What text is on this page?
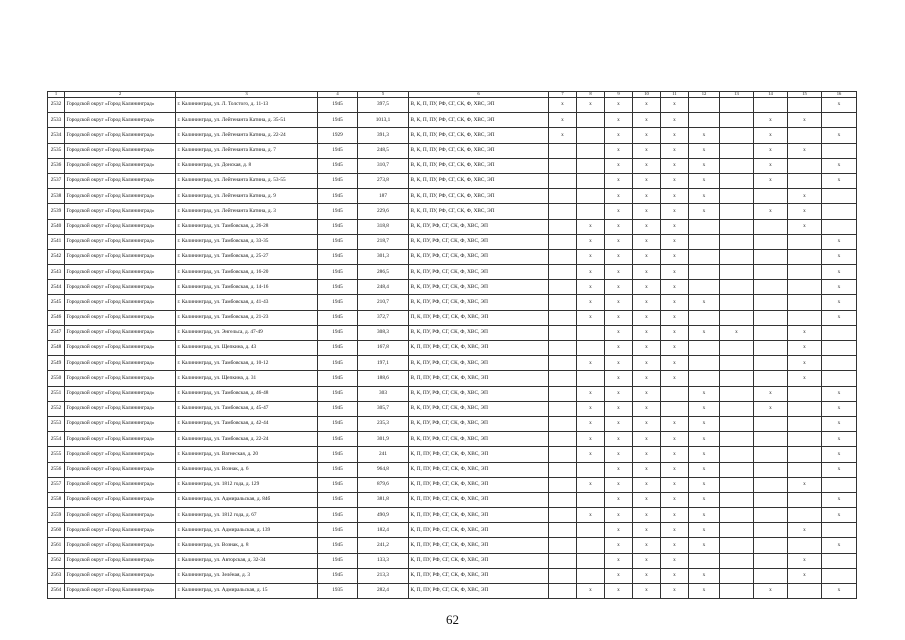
1	2	3	4	5	6	7	8	9	10	11	12	13	14	15	16
2532	Городской округ «Город Калининград»	г. Калининград, ул. Л. Толстого, д. 11-13	1945	397,5	В, К, П, ПУ, РФ, СГ, СК, Ф, ХВС, ЭП	x	x	x	x	x					x
2533	Городской округ «Город Калининград»	г. Калининград, ул. Лейтенанта Катина, д. 35-51	1945	1013,1	В, К, П, ПУ, РФ, СГ, СК, Ф, ХВС, ЭП	x		x	x	x			x	x	
2534	Городской округ «Город Калининград»	г. Калининград, ул. Лейтенанта Катина, д. 22-24	1929	391,3	В, К, П, ПУ, РФ, СГ, СК, Ф, ХВС, ЭП	x		x	x	x	x		x		x
2535	Городской округ «Город Калининград»	г. Калининград, ул. Лейтенанта Катина, д. 7	1945	248,5	В, К, П, ПУ, РФ, СГ, СК, Ф, ХВС, ЭП			x	x	x	x		x	x	
2536	Городской округ «Город Калининград»	г. Калининград, ул. Донская, д. 8	1945	310,7	В, К, П, ПУ, РФ, СГ, СК, Ф, ХВС, ЭП			x	x	x	x		x		x
2537	Городской округ «Город Калининград»	г. Калининград, ул. Лейтенанта Катина, д. 53-55	1945	273,8	В, К, П, ПУ, РФ, СГ, СК, Ф, ХВС, ЭП			x	x	x	x		x		x
2538	Городской округ «Город Калининград»	г. Калининград, ул. Лейтенанта Катина, д. 9	1945	187	В, К, П, ПУ, РФ, СГ, СК, Ф, ХВС, ЭП			x	x	x	x			x	
2539	Городской округ «Город Калининград»	г. Калининград, ул. Лейтенанта Катина, д. 3	1945	229,6	В, К, П, ПУ, РФ, СГ, СК, Ф, ХВС, ЭП			x	x	x	x		x	x	
2540	Городской округ «Город Калининград»	г. Калининград, ул. Тамбовская, д. 26-28	1945	318,8	В, К, ПУ, РФ, СГ, СК, Ф, ХВС, ЭП		x	x	x	x				x	
2541	Городской округ «Город Калининград»	г. Калининград, ул. Тамбовская, д. 33-35	1945	218,7	В, К, ПУ, РФ, СГ, СК, Ф, ХВС, ЭП		x	x	x	x					x
2542	Городской округ «Город Калининград»	г. Калининград, ул. Тамбовская, д. 25-27	1945	301,3	В, К, ПУ, РФ, СГ, СК, Ф, ХВС, ЭП		x	x	x	x					x
2543	Городской округ «Город Калининград»	г. Калининград, ул. Тамбовская, д. 16-20	1945	286,5	В, К, ПУ, РФ, СГ, СК, Ф, ХВС, ЭП		x	x	x	x					x
2544	Городской округ «Город Калининград»	г. Калининград, ул. Тамбовская, д. 14-16	1945	248,4	В, К, ПУ, РФ, СГ, СК, Ф, ХВС, ЭП		x	x	x	x					x
2545	Городской округ «Город Калининград»	г. Калининград, ул. Тамбовская, д. 41-43	1945	210,7	В, К, ПУ, РФ, СГ, СК, Ф, ХВС, ЭП		x	x	x	x	x				x
2546	Городской округ «Город Калининград»	г. Калининград, ул. Тамбовская, д. 21-23	1945	372,7	П, К, ПУ, РФ, СГ, СК, Ф, ХВС, ЭП		x	x	x	x					x
2547	Городской округ «Город Калининград»	г. Калининград, ул. Энгельса, д. 47-49	1945	308,3	В, К, ПУ, РФ, СГ, СК, Ф, ХВС, ЭП			x	x	x	x	x		x	
2548	Городской округ «Город Калининград»	г. Калининград, ул. Щепкина, д. 43	1945	167,8	К, П, ПУ, РФ, СГ, СК, Ф, ХВС, ЭП			x	x	x				x	
2549	Городской округ «Город Калининград»	г. Калининград, ул. Тамбовская, д. 10-12	1945	197,1	В, К, ПУ, РФ, СГ, СК, Ф, ХВС, ЭП		x	x	x	x				x	
2550	Городской округ «Город Калининград»	г. Калининград, ул. Щепкина, д. 31	1945	188,6	В, П, ПУ, РФ, СГ, СК, Ф, ХВС, ЭП			x	x	x				x	
2551	Городской округ «Город Калининград»	г. Калининград, ул. Тамбовская, д. 46-48	1945	303	В, К, ПУ, РФ, СГ, СК, Ф, ХВС, ЭП		x	x	x		x		x		x
2552	Городской округ «Город Калининград»	г. Калининград, ул. Тамбовская, д. 45-47	1945	305,7	В, К, ПУ, РФ, СГ, СК, Ф, ХВС, ЭП		x	x	x		x		x		x
2553	Городской округ «Город Калининград»	г. Калининград, ул. Тамбовская, д. 42-44	1945	235,3	В, К, ПУ, РФ, СГ, СК, Ф, ХВС, ЭП		x	x	x	x	x				x
2554	Городской округ «Город Калининград»	г. Калининград, ул. Тамбовская, д. 22-24	1945	301,9	В, К, ПУ, РФ, СГ, СК, Ф, ХВС, ЭП		x	x	x	x	x				x
2555	Городской округ «Город Калининград»	г. Калининград, ул. Вагнеская, д. 20	1945	241	К, П, ПУ, РФ, СГ, СК, Ф, ХВС, ЭП		x	x	x	x	x				x
2556	Городской округ «Город Калининград»	г. Калининград, ул. Вознак, д. 6	1945	964,8	К, П, ПУ, РФ, СГ, СК, Ф, ХВС, ЭП			x	x	x	x				x
2557	Городской округ «Город Калининград»	г. Калининград, ул. 1812 года, д. 129	1945	879,6	К, П, ПУ, РФ, СГ, СК, Ф, ХВС, ЭП		x	x	x	x	x			x	
2558	Городской округ «Город Калининград»	г. Калининград, ул. Адмиральская, д. 84б	1945	381,8	К, П, ПУ, РФ, СГ, СК, Ф, ХВС, ЭП			x	x	x	x				x
2559	Городской округ «Город Калининград»	г. Калининград, ул. 1812 года, д. 67	1945	490,9	К, П, ПУ, РФ, СГ, СК, Ф, ХВС, ЭП		x	x	x	x	x				x
2560	Городской округ «Город Калининград»	г. Калининград, ул. Адмиральская, д. 139	1945	182,4	К, П, ПУ, РФ, СГ, СК, Ф, ХВС, ЭП			x	x	x	x			x	
2561	Городской округ «Город Калининград»	г. Калининград, ул. Вознак, д. 8	1945	241,2	К, П, ПУ, РФ, СГ, СК, Ф, ХВС, ЭП			x	x	x	x				x
2562	Городской округ «Город Калининград»	г. Калининград, ул. Авторская, д. 32-34	1945	133,3	К, П, ПУ, РФ, СГ, СК, Ф, ХВС, ЭП			x	x	x				x	
2563	Городской округ «Город Калининград»	г. Калининград, ул. Зелёная, д. 3	1945	213,3	К, П, ПУ, РФ, СГ, СК, Ф, ХВС, ЭП			x	x	x	x			x	
2564	Городской округ «Город Калининград»	г. Калининград, ул. Адмиральская, д. 15	1935	282,4	К, П, ПУ, РФ, СГ, СК, Ф, ХВС, ЭП		x	x	x	x	x		x		x
62
